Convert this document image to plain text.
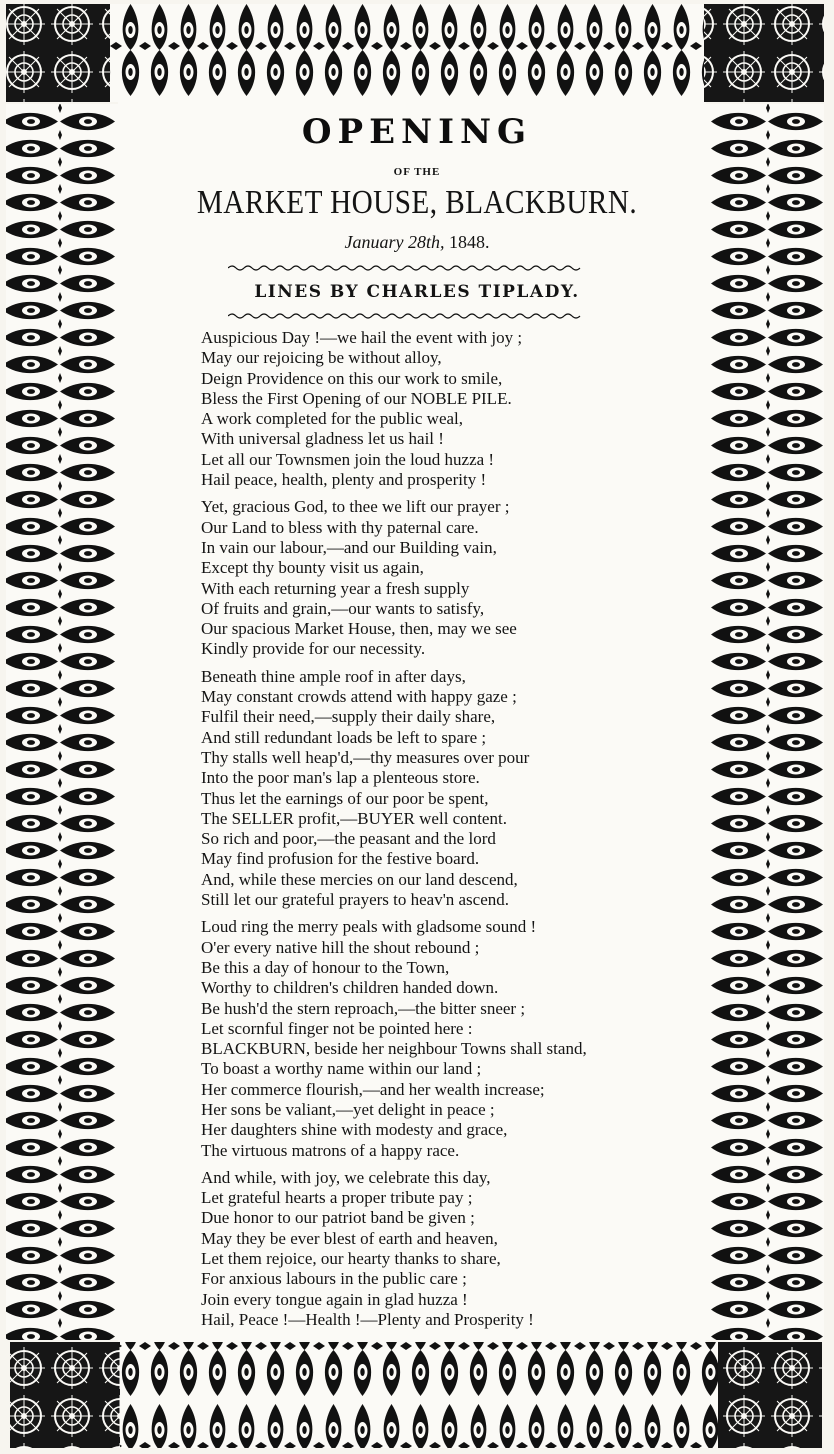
OPENING
OF THE
MARKET HOUSE, BLACKBURN.
January 28th, 1848.
LINES BY CHARLES TIPLADY.
Auspicious Day !—we hail the event with joy ;
May our rejoicing be without alloy,
Deign Providence on this our work to smile,
Bless the First Opening of our NOBLE PILE.
A work completed for the public weal,
With universal gladness let us hail !
Let all our Townsmen join the loud huzza !
Hail peace, health, plenty and prosperity !
Yet, gracious God, to thee we lift our prayer ;
Our Land to bless with thy paternal care.
In vain our labour,—and our Building vain,
Except thy bounty visit us again,
With each returning year a fresh supply
Of fruits and grain,—our wants to satisfy,
Our spacious Market House, then, may we see
Kindly provide for our necessity.
Beneath thine ample roof in after days,
May constant crowds attend with happy gaze ;
Fulfil their need,—supply their daily share,
And still redundant loads be left to spare ;
Thy stalls well heap'd,—thy measures over pour
Into the poor man's lap a plenteous store.
Thus let the earnings of our poor be spent,
The SELLER profit,—BUYER well content.
So rich and poor,—the peasant and the lord
May find profusion for the festive board.
And, while these mercies on our land descend,
Still let our grateful prayers to heav'n ascend.
Loud ring the merry peals with gladsome sound !
O'er every native hill the shout rebound ;
Be this a day of honour to the Town,
Worthy to children's children handed down.
Be hush'd the stern reproach,—the bitter sneer ;
Let scornful finger not be pointed here :
BLACKBURN, beside her neighbour Towns shall stand,
To boast a worthy name within our land ;
Her commerce flourish,—and her wealth increase;
Her sons be valiant,—yet delight in peace ;
Her daughters shine with modesty and grace,
The virtuous matrons of a happy race.
And while, with joy, we celebrate this day,
Let grateful hearts a proper tribute pay ;
Due honor to our patriot band be given ;
May they be ever blest of earth and heaven,
Let them rejoice, our hearty thanks to share,
For anxious labours in the public care ;
Join every tongue again in glad huzza !
Hail, Peace !—Health !—Plenty and Prosperity !
